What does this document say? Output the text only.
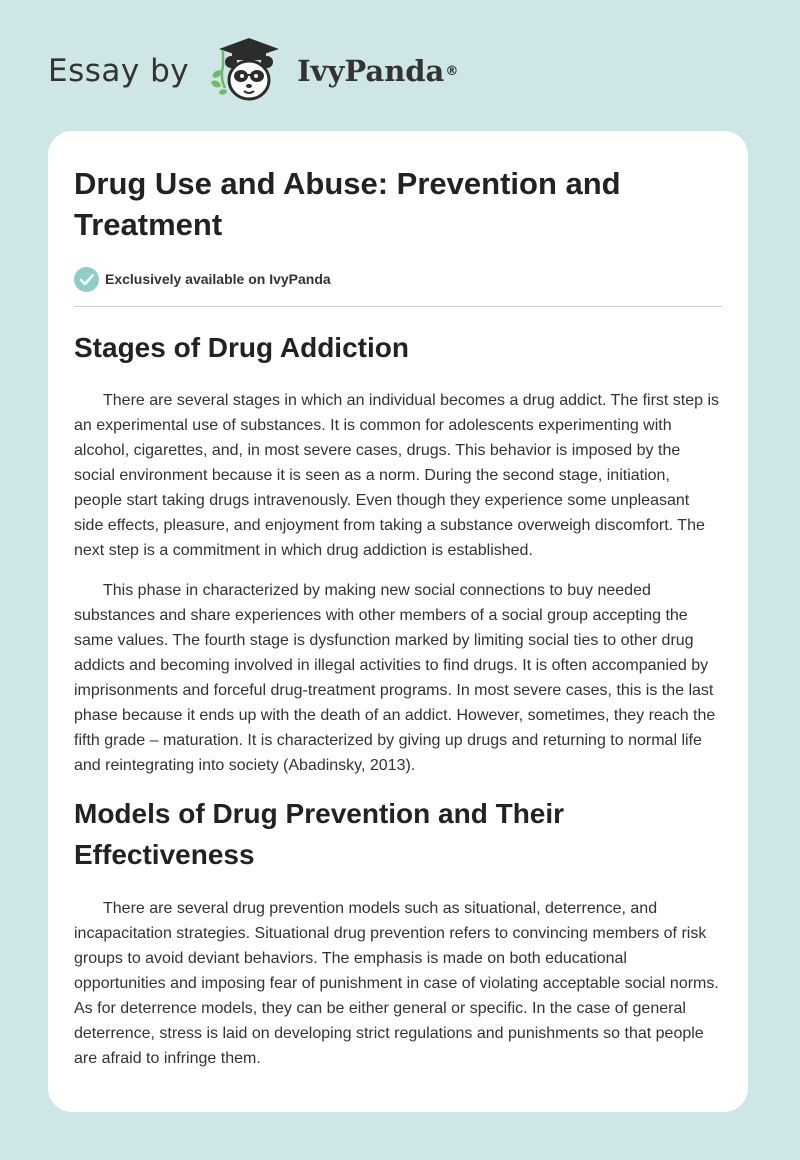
Essay by	IvyPanda ®
Drug Use and Abuse: Prevention and Treatment
Exclusively available on IvyPanda
Stages of Drug Addiction

There are several stages in which an individual becomes a drug addict. The first step is an experimental use of substances. It is common for adolescents experimenting with alcohol, cigarettes, and, in most severe cases, drugs. This behavior is imposed by the social environment because it is seen as a norm. During the second stage, initiation, people start taking drugs intravenously. Even though they experience some unpleasant side effects, pleasure, and enjoyment from taking a substance overweigh discomfort. The next step is a commitment in which drug addiction is established.

This phase in characterized by making new social connections to buy needed substances and share experiences with other members of a social group accepting the same values. The fourth stage is dysfunction marked by limiting social ties to other drug addicts and becoming involved in illegal activities to find drugs. It is often accompanied by imprisonments and forceful drug-treatment programs. In most severe cases, this is the last phase because it ends up with the death of an addict. However, sometimes, they reach the fifth grade – maturation. It is characterized by giving up drugs and returning to normal life and reintegrating into society (Abadinsky, 2013).

Models of Drug Prevention and Their Effectiveness

There are several drug prevention models such as situational, deterrence, and incapacitation strategies. Situational drug prevention refers to convincing members of risk groups to avoid deviant behaviors. The emphasis is made on both educational opportunities and imposing fear of punishment in case of violating acceptable social norms. As for deterrence models, they can be either general or specific. In the case of general deterrence, stress is laid on developing strict regulations and punishments so that people are afraid to infringe them.
